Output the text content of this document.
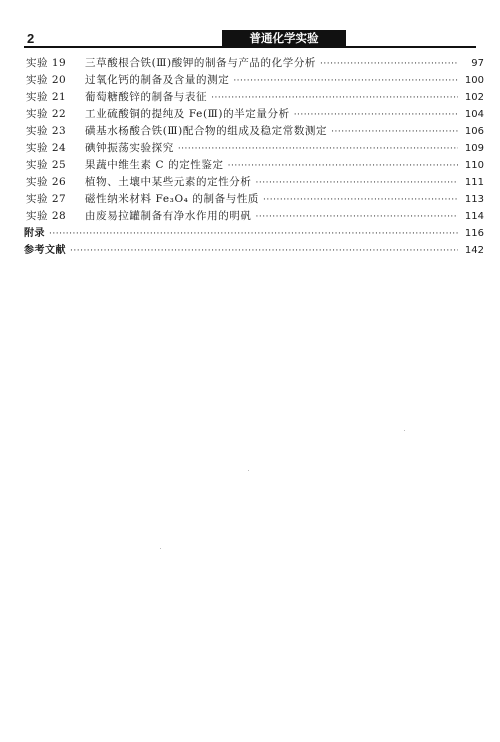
2	普通化学实验
实验 19	三草酸根合铁(Ⅲ)酸钾的制备与产品的化学分析 ·····	97
实验 20	过氧化钙的制备及含量的测定 ·····	100
实验 21	葡萄糖酸锌的制备与表征 ·····	102
实验 22	工业硫酸铜的提纯及 Fe(Ⅲ)的半定量分析 ·····	104
实验 23	磺基水杨酸合铁(Ⅲ)配合物的组成及稳定常数测定 ·····	106
实验 24	碘钟振荡实验探究 ·····	109
实验 25	果蔬中维生素 C 的定性鉴定 ·····	110
实验 26	植物、土壤中某些元素的定性分析 ·····	111
实验 27	磁性纳米材料 Fe₃O₄ 的制备与性质 ·····	113
实验 28	由废易拉罐制备有净水作用的明矾 ·····	114
附录 ·····	116
参考文献 ·····	142
